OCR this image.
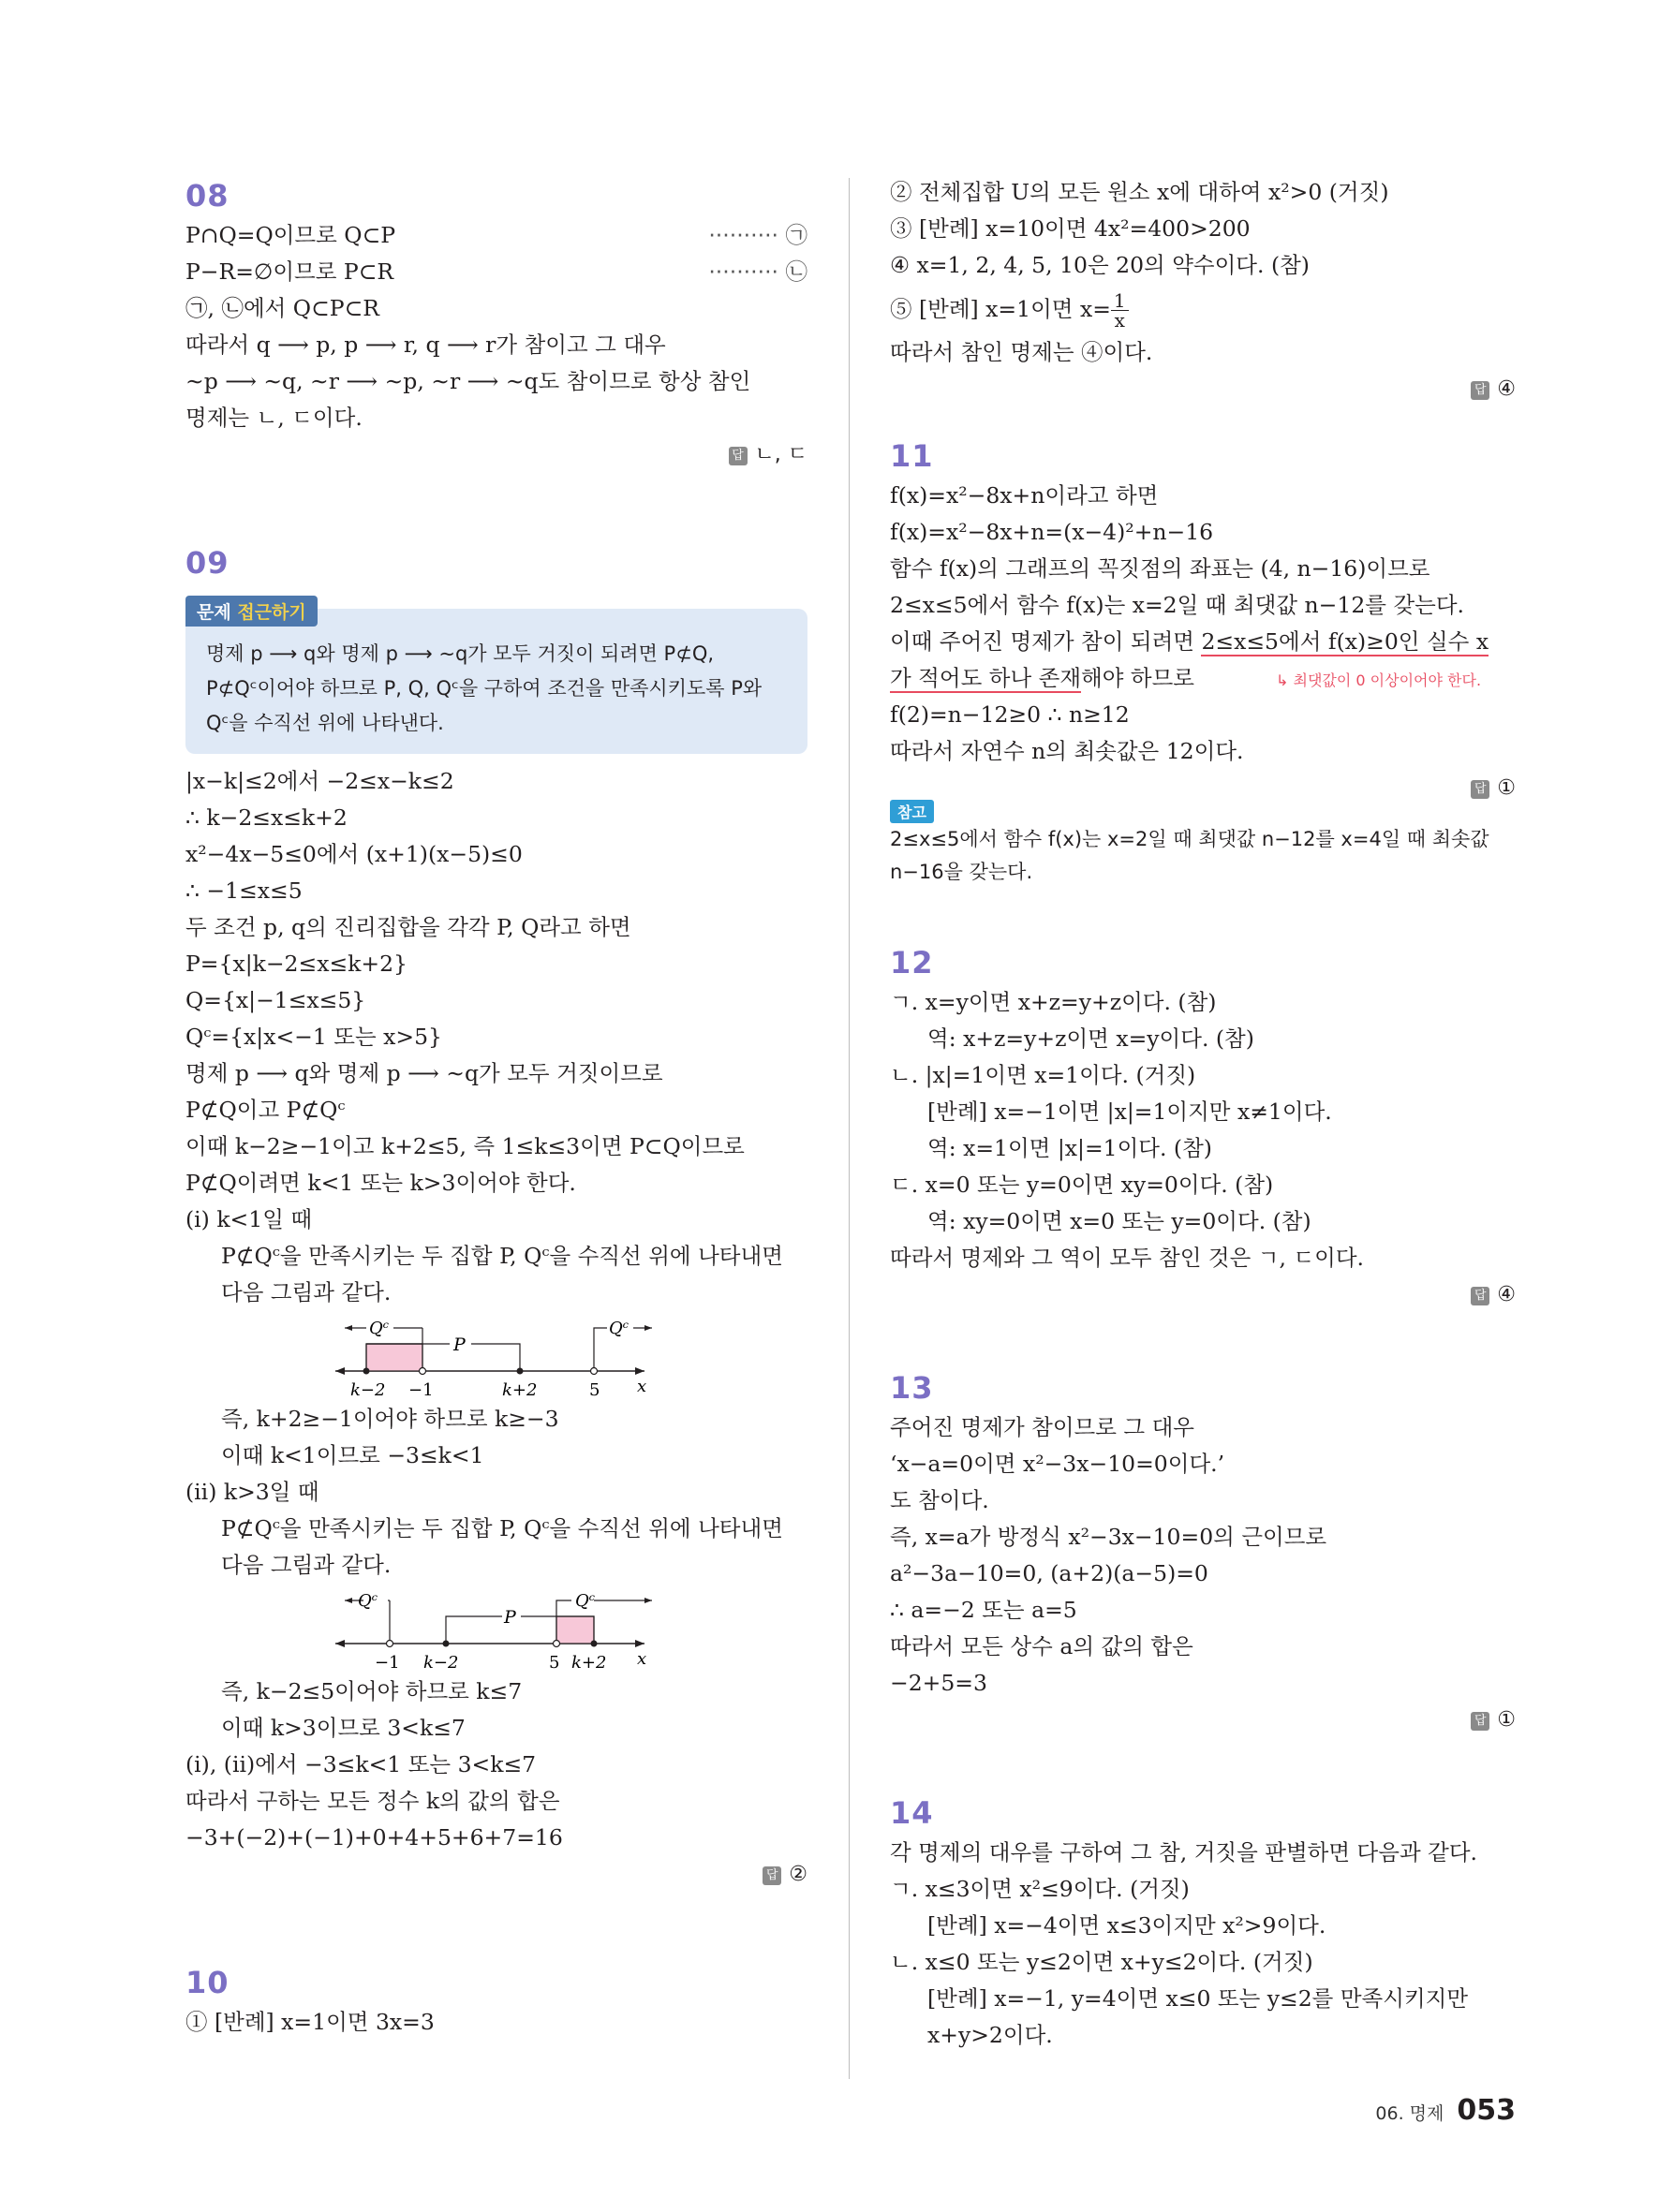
08
P∩Q=Q이므로 Q⊂P	·········· ㉠
P−R=∅이므로 P⊂R	·········· ㉡
㉠, ㉡에서 Q⊂P⊂R
따라서 q ⟶ p, p ⟶ r, q ⟶ r가 참이고 그 대우
∼p ⟶ ∼q, ∼r ⟶ ∼p, ∼r ⟶ ∼q도 참이므로 항상 참인
명제는 ㄴ, ㄷ이다.
답 ㄴ, ㄷ
09
문제 접근하기
명제 p ⟶ q와 명제 p ⟶ ∼q가 모두 거짓이 되려면 P⊄Q,
P⊄Qᶜ이어야 하므로 P, Q, Qᶜ을 구하여 조건을 만족시키도록 P와
Qᶜ을 수직선 위에 나타낸다.
|x−k|≤2에서 −2≤x−k≤2
∴ k−2≤x≤k+2
x²−4x−5≤0에서 (x+1)(x−5)≤0
∴ −1≤x≤5
두 조건 p, q의 진리집합을 각각 P, Q라고 하면
P={x|k−2≤x≤k+2}
Q={x|−1≤x≤5}
Qᶜ={x|x<−1 또는 x>5}
명제 p ⟶ q와 명제 p ⟶ ∼q가 모두 거짓이므로
P⊄Q이고 P⊄Qᶜ
이때 k−2≥−1이고 k+2≤5, 즉 1≤k≤3이면 P⊂Q이므로
P⊄Q이려면 k<1 또는 k>3이어야 한다.
(i) k<1일 때
P⊄Qᶜ을 만족시키는 두 집합 P, Qᶜ을 수직선 위에 나타내면
다음 그림과 같다.
Qᶜ
P
Qᶜ
k−2 −1	k+2	5 x
즉, k+2≥−1이어야 하므로 k≥−3
이때 k<1이므로 −3≤k<1
(ii) k>3일 때
P⊄Qᶜ을 만족시키는 두 집합 P, Qᶜ을 수직선 위에 나타내면
다음 그림과 같다.
Qᶜ
P
Qᶜ
−1 k−2	5 k+2 x
즉, k−2≤5이어야 하므로 k≤7
이때 k>3이므로 3<k≤7
(i), (ii)에서 −3≤k<1 또는 3<k≤7
따라서 구하는 모든 정수 k의 값의 합은
−3+(−2)+(−1)+0+4+5+6+7=16
답 ②
10
① [반례] x=1이면 3x=3
② 전체집합 U의 모든 원소 x에 대하여 x²>0 (거짓)
③ [반례] x=10이면 4x²=400>200
④ x=1, 2, 4, 5, 10은 20의 약수이다. (참)
⑤ [반례] x=1이면 $x= \frac{1}{x}$
따라서 참인 명제는 ④이다.
답 ④
11
f(x)=x²−8x+n이라고 하면
f(x)=x²−8x+n=(x−4)²+n−16
함수 f(x)의 그래프의 꼭짓점의 좌표는 (4, n−16)이므로
2≤x≤5에서 함수 f(x)는 x=2일 때 최댓값 n−12를 갖는다.
이때 주어진 명제가 참이 되려면 2≤x≤5에서 f(x)≥0인 실수 x
가 적어도 하나 존재해야 하므로	↳ 최댓값이 0 이상이어야 한다.
f(2)=n−12≥0 ∴ n≥12
따라서 자연수 n의 최솟값은 12이다.
답 ①
참고
2≤x≤5에서 함수 f(x)는 x=2일 때 최댓값 n−12를 x=4일 때 최솟값
n−16을 갖는다.
12
ㄱ. x=y이면 x+z=y+z이다. (참)
역: x+z=y+z이면 x=y이다. (참)
ㄴ. |x|=1이면 x=1이다. (거짓)
[반례] x=−1이면 |x|=1이지만 x≠1이다.
역: x=1이면 |x|=1이다. (참)
ㄷ. x=0 또는 y=0이면 xy=0이다. (참)
역: xy=0이면 x=0 또는 y=0이다. (참)
따라서 명제와 그 역이 모두 참인 것은 ㄱ, ㄷ이다.
답 ④
13
주어진 명제가 참이므로 그 대우
‘x−a=0이면 x²−3x−10=0이다.’
도 참이다.
즉, x=a가 방정식 x²−3x−10=0의 근이므로
a²−3a−10=0, (a+2)(a−5)=0
∴ a=−2 또는 a=5
따라서 모든 상수 a의 값의 합은
−2+5=3
답 ①
14
각 명제의 대우를 구하여 그 참, 거짓을 판별하면 다음과 같다.
ㄱ. x≤3이면 x²≤9이다. (거짓)
[반례] x=−4이면 x≤3이지만 x²>9이다.
ㄴ. x≤0 또는 y≤2이면 x+y≤2이다. (거짓)
[반례] x=−1, y=4이면 x≤0 또는 y≤2를 만족시키지만
x+y>2이다.
06. 명제 053
